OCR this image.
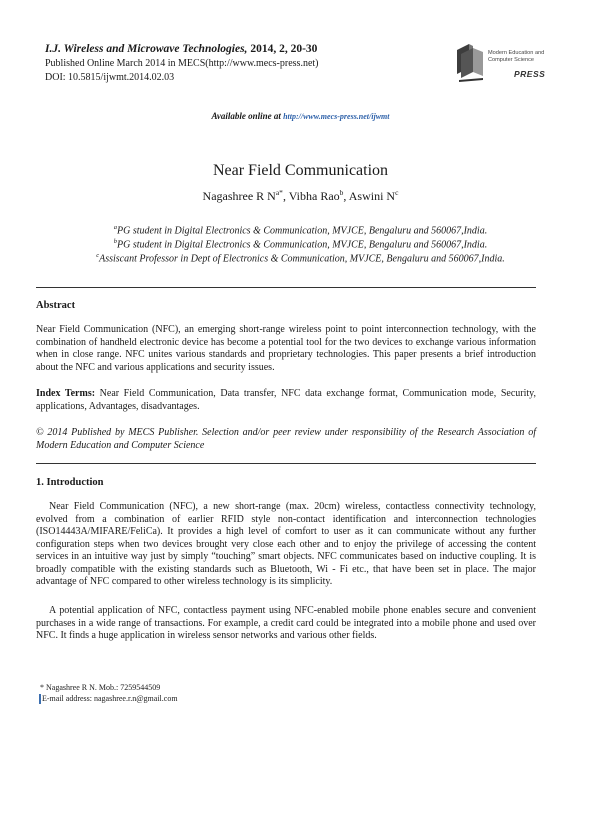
I.J. Wireless and Microwave Technologies, 2014, 2, 20-30
Published Online March 2014 in MECS(http://www.mecs-press.net)
DOI: 10.5815/ijwmt.2014.02.03
Modern Education and Computer Science
PRESS
Available online at http://www.mecs-press.net/ijwmt
Near Field Communication
Nagashree R $N^{a*}$, Vibha Rao$^b$, Aswini $N^c$
$^a$PG student in Digital Electronics & Communication, MVJCE, Bengaluru and 560067,India.
$^b$PG student in Digital Electronics & Communication, MVJCE, Bengaluru and 560067,India.
$^c$Assiscant Professor in Dept of Electronics & Communication, MVJCE, Bengaluru and 560067,India.
Abstract

Near Field Communication (NFC), an emerging short-range wireless point to point interconnection technology, with the combination of handheld electronic device has become a potential tool for the two devices to exchange various information when in close range. NFC unites various standards and proprietary technologies. This paper presents a brief introduction about the NFC and various applications and security issues.

Index Terms: Near Field Communication, Data transfer, NFC data exchange format, Communication mode, Security, applications, Advantages, disadvantages.

© 2014 Published by MECS Publisher. Selection and/or peer review under responsibility of the Research Association of Modern Education and Computer Science

1. Introduction

Near Field Communication (NFC), a new short-range (max. 20cm) wireless, contactless connectivity technology, evolved from a combination of earlier RFID style non-contact identification and interconnection technologies (ISO14443A/MIFARE/FeliCa). It provides a high level of comfort to user as it can communicate without any further configuration steps when two devices brought very close each other and to enjoy the privilege of accessing the content services in an intuitive way just by simply “touching” smart objects. NFC communicates based on inductive coupling. It is broadly compatible with the existing standards such as Bluetooth, Wi - Fi etc., that have been set in place. The major advantage of NFC compared to other wireless technology is its simplicity.

A potential application of NFC, contactless payment using NFC-enabled mobile phone enables secure and convenient purchases in a wide range of transactions. For example, a credit card could be integrated into a mobile phone and used over NFC. It finds a huge application in wireless sensor networks and various other fields.

* Nagashree R N. Mob.: 7259544509
E-mail address: nagashree.r.n@gmail.com
